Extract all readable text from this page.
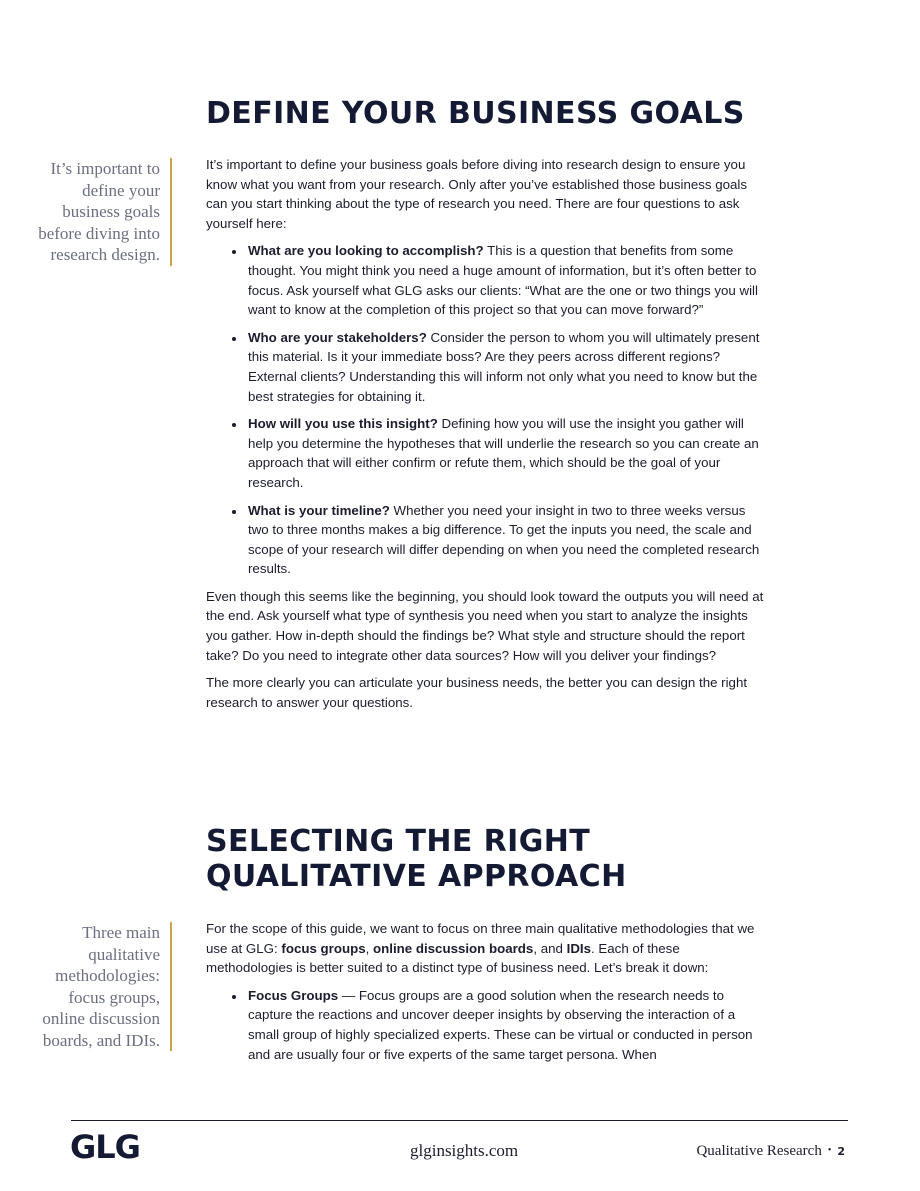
DEFINE YOUR BUSINESS GOALS
It’s important to define your business goals before diving into research design.

It’s important to define your business goals before diving into research design to ensure you know what you want from your research. Only after you’ve established those business goals can you start thinking about the type of research you need. There are four questions to ask yourself here:

• What are you looking to accomplish? This is a question that benefits from some thought. You might think you need a huge amount of information, but it’s often better to focus. Ask yourself what GLG asks our clients: “What are the one or two things you will want to know at the completion of this project so that you can move forward?”
• Who are your stakeholders? Consider the person to whom you will ultimately present this material. Is it your immediate boss? Are they peers across different regions? External clients? Understanding this will inform not only what you need to know but the best strategies for obtaining it.
• How will you use this insight? Defining how you will use the insight you gather will help you determine the hypotheses that will underlie the research so you can create an approach that will either confirm or refute them, which should be the goal of your research.
• What is your timeline? Whether you need your insight in two to three weeks versus two to three months makes a big difference. To get the inputs you need, the scale and scope of your research will differ depending on when you need the completed research results.

Even though this seems like the beginning, you should look toward the outputs you will need at the end. Ask yourself what type of synthesis you need when you start to analyze the insights you gather. How in-depth should the findings be? What style and structure should the report take? Do you need to integrate other data sources? How will you deliver your findings?

The more clearly you can articulate your business needs, the better you can design the right research to answer your questions.

SELECTING THE RIGHT
QUALITATIVE APPROACH
Three main qualitative methodologies: focus groups, online discussion boards, and IDIs.

For the scope of this guide, we want to focus on three main qualitative methodologies that we use at GLG: focus groups, online discussion boards, and IDIs. Each of these methodologies is better suited to a distinct type of business need. Let’s break it down:

• Focus Groups — Focus groups are a good solution when the research needs to capture the reactions and uncover deeper insights by observing the interaction of a small group of highly specialized experts. These can be virtual or conducted in person and are usually four or five experts of the same target persona. When
GLG	glginsights.com	Qualitative Research • 2
